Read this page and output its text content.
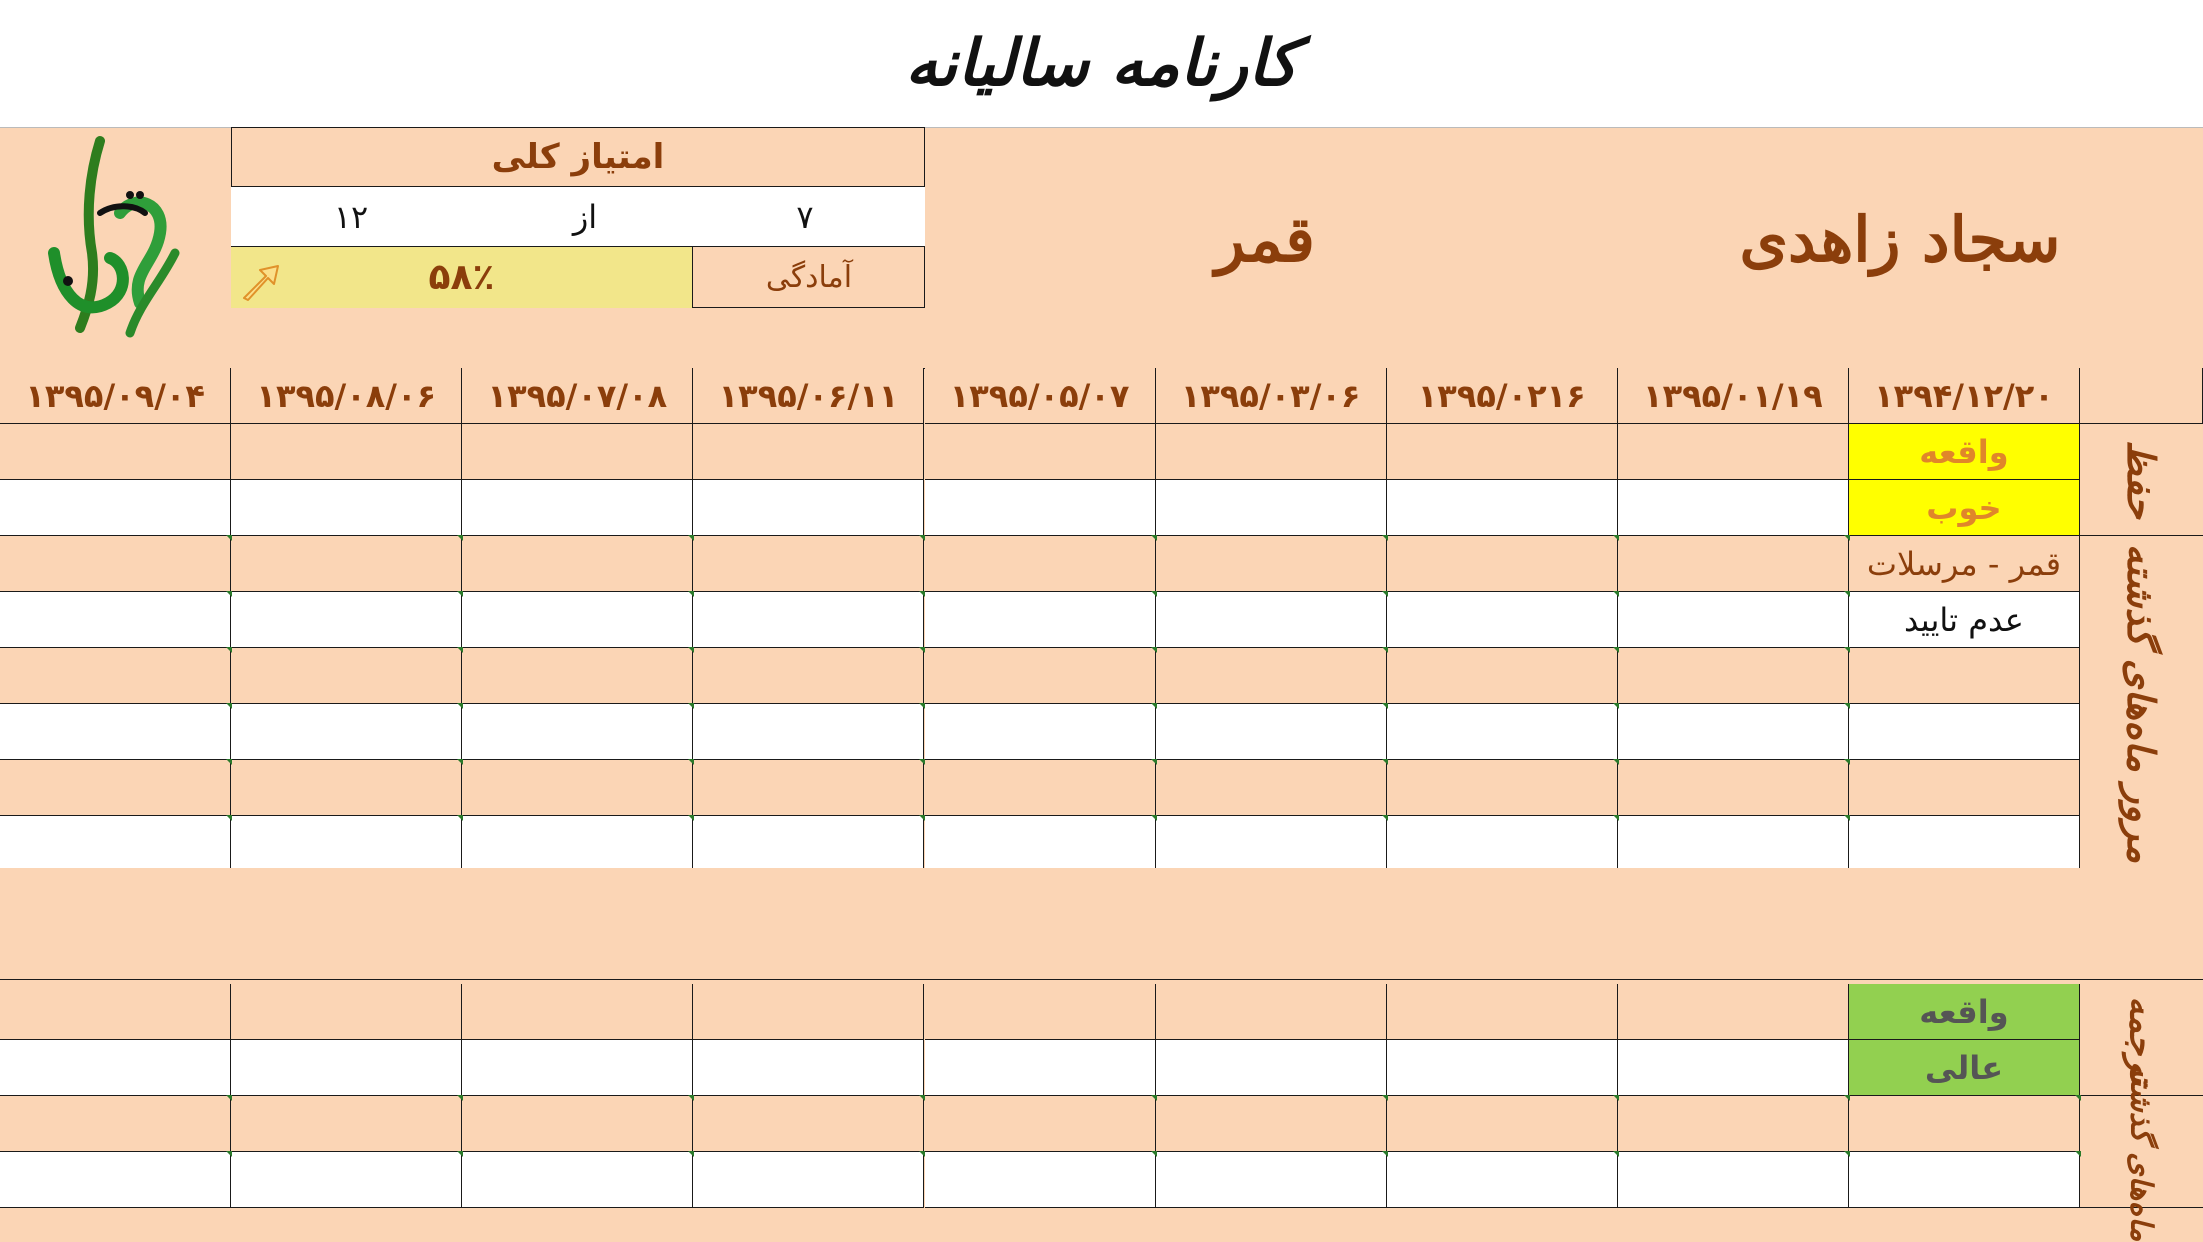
کارنامه سالیانه
سجاد زاهدی
قمر
امتیاز کلی
۷
از
۱۲
آمادگی
۵۸٪
۱۳۹۴/۱۲/۲۰
۱۳۹۵/۰۱/۱۹
۱۳۹۵/۰۲۱۶
۱۳۹۵/۰۳/۰۶
۱۳۹۵/۰۵/۰۷
۱۳۹۵/۰۶/۱۱
۱۳۹۵/۰۷/۰۸
۱۳۹۵/۰۸/۰۶
۱۳۹۵/۰۹/۰۴
حفظ
واقعه
خوب
مرور ماه‌های گذشته
قمر - مرسلات
عدم تایید
ترجمه
واقعه
عالی	ماه‌های گذشته
